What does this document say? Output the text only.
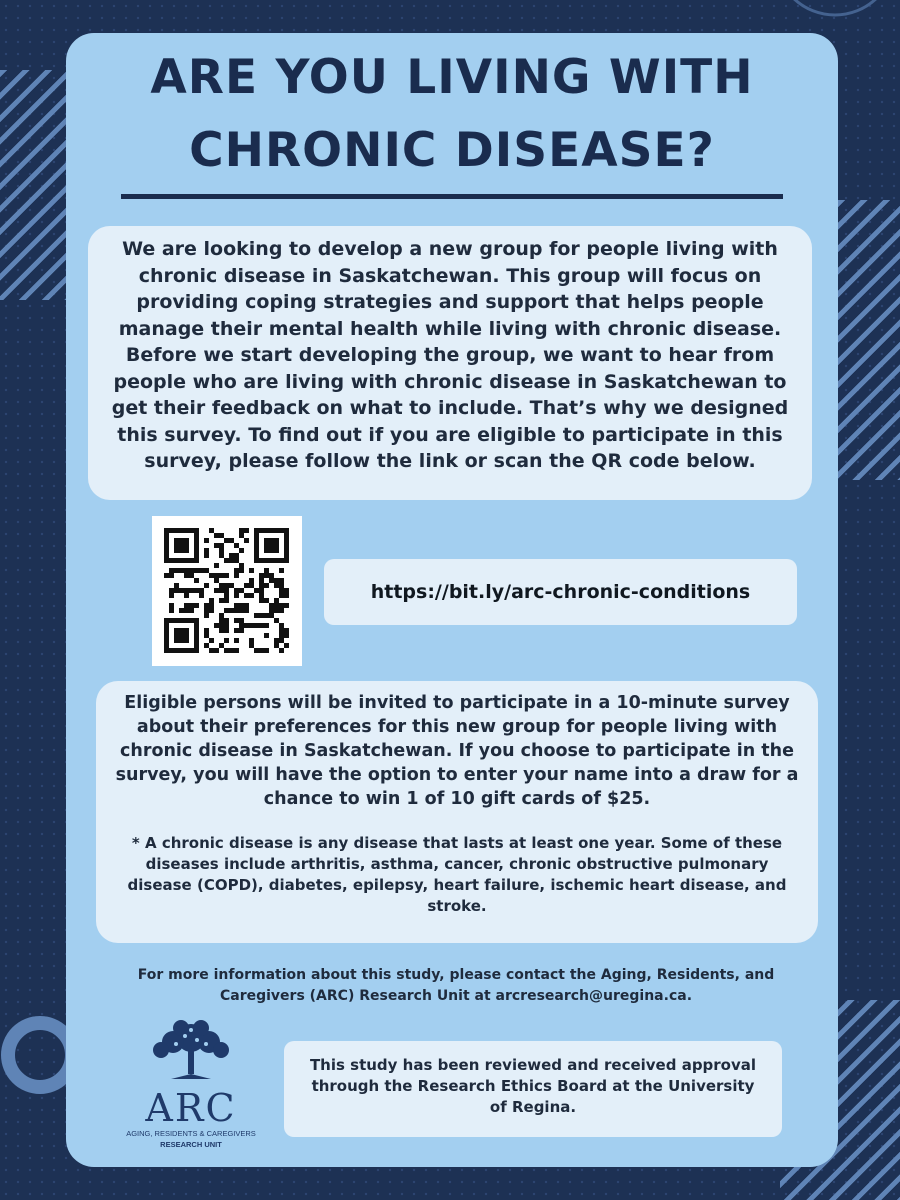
ARE YOU LIVING WITH
CHRONIC DISEASE?
We are looking to develop a new group for people living with chronic disease in Saskatchewan. This group will focus on providing coping strategies and support that helps people manage their mental health while living with chronic disease. Before we start developing the group, we want to hear from people who are living with chronic disease in Saskatchewan to get their feedback on what to include. That’s why we designed this survey. To find out if you are eligible to participate in this survey, please follow the link or scan the QR code below.
https://bit.ly/arc-chronic-conditions

Eligible persons will be invited to participate in a 10-minute survey about their preferences for this new group for people living with chronic disease in Saskatchewan. If you choose to participate in the survey, you will have the option to enter your name into a draw for a chance to win 1 of 10 gift cards of $25.

* A chronic disease is any disease that lasts at least one year. Some of these diseases include arthritis, asthma, cancer, chronic obstructive pulmonary disease (COPD), diabetes, epilepsy, heart failure, ischemic heart disease, and stroke.

For more information about this study, please contact the Aging, Residents, and Caregivers (ARC) Research Unit at arcresearch@uregina.ca.
ARC
AGING, RESIDENTS & CAREGIVERS
RESEARCH UNIT
This study has been reviewed and received approval through the Research Ethics Board at the University of Regina.
